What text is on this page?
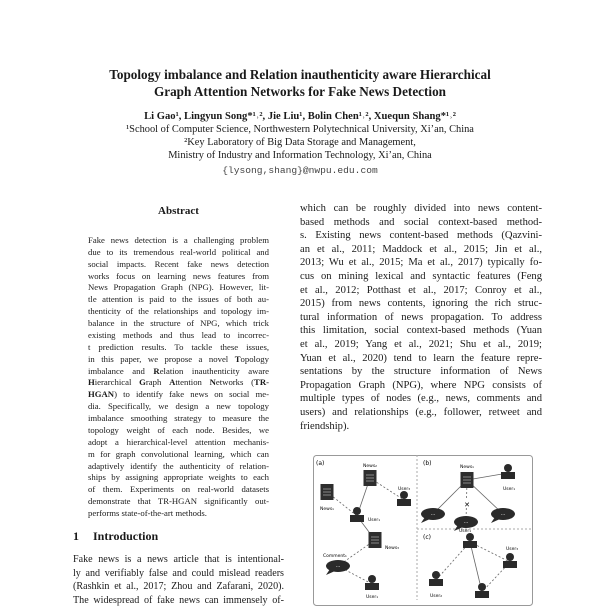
Topology imbalance and Relation inauthenticity aware Hierarchical
Graph Attention Networks for Fake News Detection
Li Gao¹, Lingyun Song*¹˒², Jie Liu¹, Bolin Chen¹˒², Xuequn Shang*¹˒²
¹School of Computer Science, Northwestern Polytechnical University, Xi’an, China
²Key Laboratory of Big Data Storage and Management,
Ministry of Industry and Information Technology, Xi’an, China
{lysong,shang}@nwpu.edu.com
Abstract
Fake news detection is a challenging problem
due to its tremendous real-world political and
social impacts. Recent fake news detection
works focus on learning news features from
News Propagation Graph (NPG). However, lit-
tle attention is paid to the issues of both au-
thenticity of the relationships and topology im-
balance in the structure of NPG, which trick
existing methods and thus lead to incorrec-
t prediction results. To tackle these issues,
in this paper, we propose a novel Topology
imbalance and Relation inauthenticity aware
Hierarchical Graph Attention Networks (TR-
HGAN) to identify fake news on social me-
dia. Specifically, we design a new topology
imbalance smoothing strategy to measure the
topology weight of each node. Besides, we
adopt a hierarchical-level attention mechanis-
m for graph convolutional learning, which can
adaptively identify the authenticity of relation-
ships by assigning appropriate weights to each
of them. Experiments on real-world datasets
demonstrate that TR-HGAN significantly out-
performs state-of-the-art methods.
1 Introduction
Fake news is a news article that is intentional-
ly and verifiably false and could mislead readers
(Rashkin et al., 2017; Zhou and Zafarani, 2020).
The widespread of fake news can immensely of-
which can be roughly divided into news content-
based methods and social context-based method-
s. Existing news content-based methods (Qazvini-
an et al., 2011; Maddock et al., 2015; Jin et al.,
2013; Wu et al., 2015; Ma et al., 2017) typically fo-
cus on mining lexical and syntactic features (Feng
et al., 2012; Potthast et al., 2017; Conroy et al.,
2015) from news contents, ignoring the rich struc-
tural information of news propagation. To address
this limitation, social context-based methods (Yuan
et al., 2019; Yang et al., 2021; Shu et al., 2019;
Yuan et al., 2020) tend to learn the feature repre-
sentations by the structure information of News
Propagation Graph (NPG), where NPG consists of
multiple types of nodes (e.g., news, comments and
users) and relationships (e.g., follower, retweet and
friendship).
···
(a)	News₂
News₁
User₃
User₁
News₃
Comment₁
User₁
(b)
News₁
User₁
✕
(c)
User₁
User₃
User₂
